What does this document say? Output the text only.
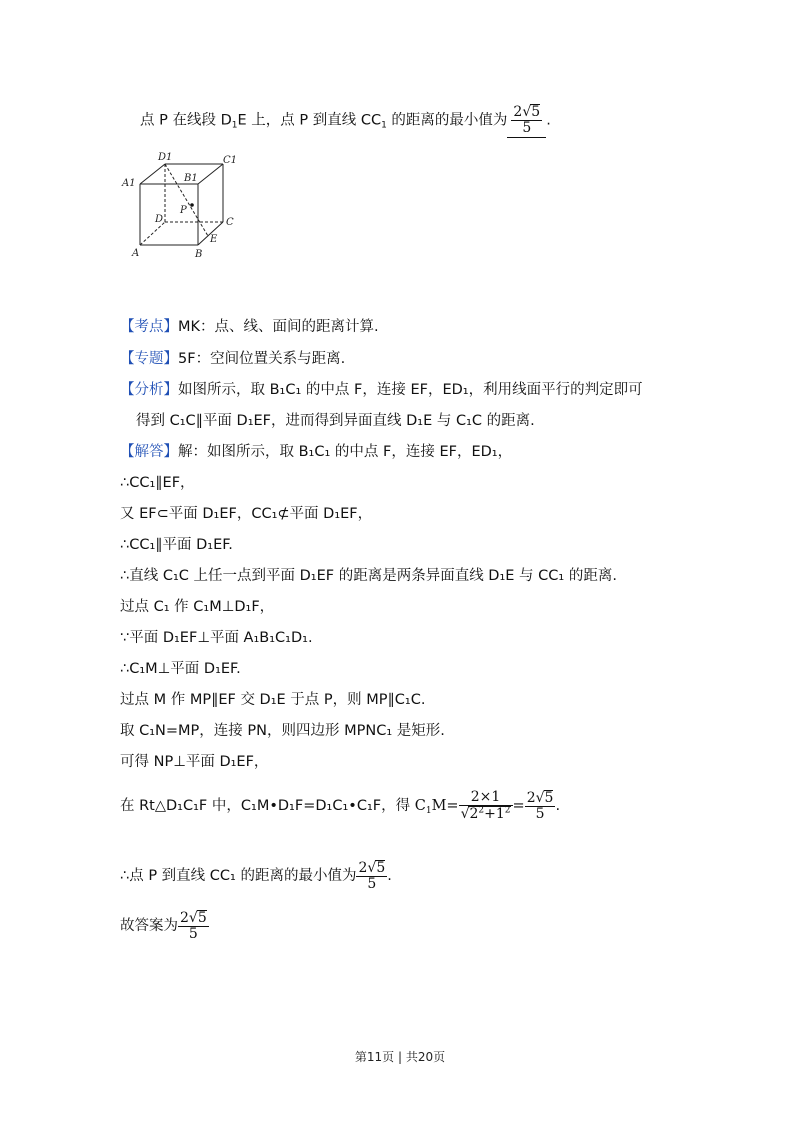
点 P 在线段 $D_1E$ 上，点 P 到直线 $CC_1$ 的距离的最小值为 $\frac{2√5}{5}$ .
D1	C1
A1	B1
P
D	C
A	B
E
【考点】MK：点、线、面间的距离计算.
【专题】5F：空间位置关系与距离.
【分析】如图所示，取 B₁C₁ 的中点 F，连接 EF，ED₁，利用线面平行的判定即可
得到 C₁C∥平面 D₁EF，进而得到异面直线 D₁E 与 C₁C 的距离.
【解答】解：如图所示，取 B₁C₁ 的中点 F，连接 EF，ED₁，
∴CC₁∥EF，
又 EF⊂平面 D₁EF，CC₁⊄平面 D₁EF，
∴CC₁∥平面 D₁EF.
∴直线 C₁C 上任一点到平面 D₁EF 的距离是两条异面直线 D₁E 与 CC₁ 的距离.
过点 C₁ 作 C₁M⊥D₁F，
∵平面 D₁EF⊥平面 A₁B₁C₁D₁.
∴C₁M⊥平面 D₁EF.
过点 M 作 MP∥EF 交 D₁E 于点 P，则 MP∥C₁C.
取 C₁N=MP，连接 PN，则四边形 MPNC₁ 是矩形.
可得 NP⊥平面 D₁EF，
在 Rt△D₁C₁F 中，C₁M•D₁F=D₁C₁•C₁F，得 $C_1M= \frac{2\times 1}{√2^2+1^2} = \frac{2√5}{5}$ .
∴点 P 到直线 CC₁ 的距离的最小值为 $\frac{2√5}{5}$ .
故答案为 $\frac{2√5}{5}$
第11页 | 共20页
